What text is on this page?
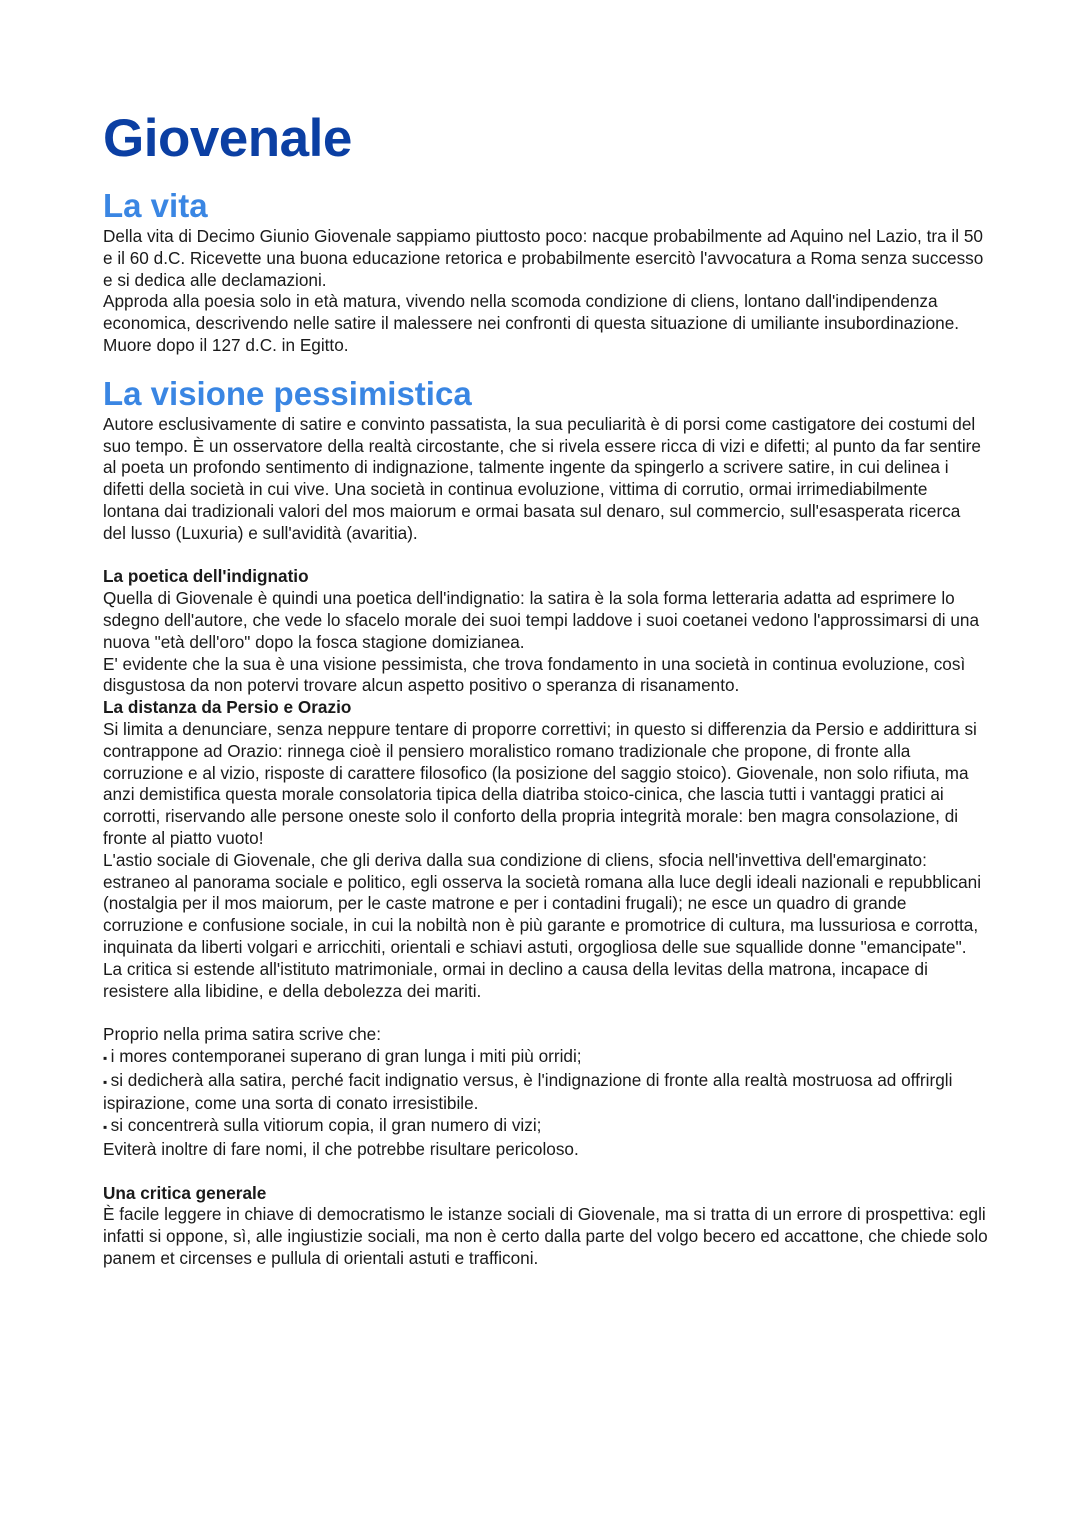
Giovenale
La vita

Della vita di Decimo Giunio Giovenale sappiamo piuttosto poco: nacque probabilmente ad Aquino nel Lazio, tra il 50 e il 60 d.C. Ricevette una buona educazione retorica e probabilmente esercitò l'avvocatura a Roma senza successo e si dedica alle declamazioni.

Approda alla poesia solo in età matura, vivendo nella scomoda condizione di cliens, lontano dall'indipendenza economica, descrivendo nelle satire il malessere nei confronti di questa situazione di umiliante insubordinazione.

Muore dopo il 127 d.C. in Egitto.

La visione pessimistica

Autore esclusivamente di satire e convinto passatista, la sua peculiarità è di porsi come castigatore dei costumi del suo tempo. È un osservatore della realtà circostante, che si rivela essere ricca di vizi e difetti; al punto da far sentire al poeta un profondo sentimento di indignazione, talmente ingente da spingerlo a scrivere satire, in cui delinea i difetti della società in cui vive. Una società in continua evoluzione, vittima di corrutio, ormai irrimediabilmente lontana dai tradizionali valori del mos maiorum e ormai basata sul denaro, sul commercio, sull'esasperata ricerca del lusso (Luxuria) e sull'avidità (avaritia).

La poetica dell'indignatio

Quella di Giovenale è quindi una poetica dell'indignatio: la satira è la sola forma letteraria adatta ad esprimere lo sdegno dell'autore, che vede lo sfacelo morale dei suoi tempi laddove i suoi coetanei vedono l'approssimarsi di una nuova "età dell'oro" dopo la fosca stagione domizianea.

E' evidente che la sua è una visione pessimista, che trova fondamento in una società in continua evoluzione, così disgustosa da non potervi trovare alcun aspetto positivo o speranza di risanamento.

La distanza da Persio e Orazio

Si limita a denunciare, senza neppure tentare di proporre correttivi; in questo si differenzia da Persio e addirittura si contrappone ad Orazio: rinnega cioè il pensiero moralistico romano tradizionale che propone, di fronte alla corruzione e al vizio, risposte di carattere filosofico (la posizione del saggio stoico). Giovenale, non solo rifiuta, ma anzi demistifica questa morale consolatoria tipica della diatriba stoico-cinica, che lascia tutti i vantaggi pratici ai corrotti, riservando alle persone oneste solo il conforto della propria integrità morale: ben magra consolazione, di fronte al piatto vuoto!

L'astio sociale di Giovenale, che gli deriva dalla sua condizione di cliens, sfocia nell'invettiva dell'emarginato: estraneo al panorama sociale e politico, egli osserva la società romana alla luce degli ideali nazionali e repubblicani (nostalgia per il mos maiorum, per le caste matrone e per i contadini frugali); ne esce un quadro di grande corruzione e confusione sociale, in cui la nobiltà non è più garante e promotrice di cultura, ma lussuriosa e corrotta, inquinata da liberti volgari e arricchiti, orientali e schiavi astuti, orgogliosa delle sue squallide donne "emancipate". La critica si estende all'istituto matrimoniale, ormai in declino a causa della levitas della matrona, incapace di resistere alla libidine, e della debolezza dei mariti.

Proprio nella prima satira scrive che:

▪ i mores contemporanei superano di gran lunga i miti più orridi;

▪ si dedicherà alla satira, perché facit indignatio versus, è l'indignazione di fronte alla realtà mostruosa ad offrirgli ispirazione, come una sorta di conato irresistibile.

▪ si concentrerà sulla vitiorum copia, il gran numero di vizi;

Eviterà inoltre di fare nomi, il che potrebbe risultare pericoloso.

Una critica generale

È facile leggere in chiave di democratismo le istanze sociali di Giovenale, ma si tratta di un errore di prospettiva: egli infatti si oppone, sì, alle ingiustizie sociali, ma non è certo dalla parte del volgo becero ed accattone, che chiede solo panem et circenses e pullula di orientali astuti e trafficoni.
